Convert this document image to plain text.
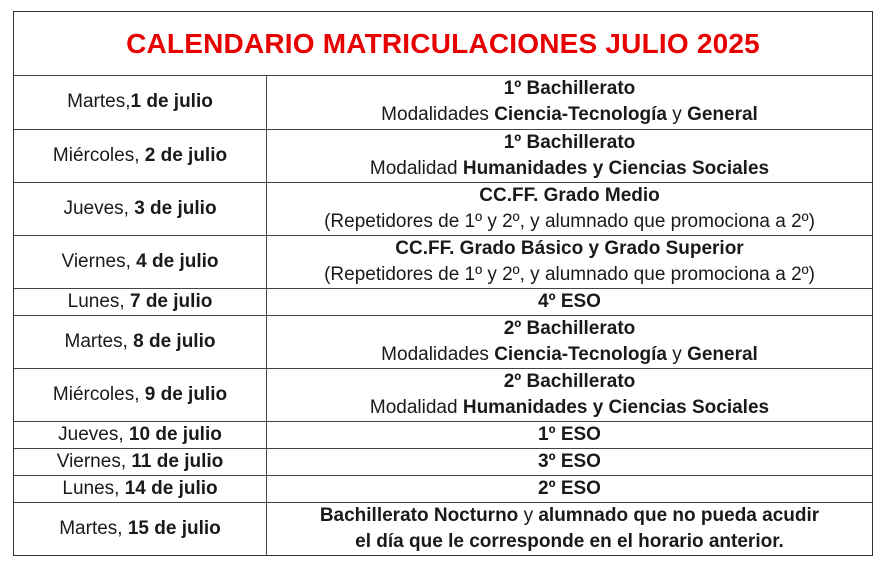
CALENDARIO MATRICULACIONES JULIO 2025
Martes,1 de julio	1º Bachillerato
Modalidades Ciencia-Tecnología y General

Miércoles, 2 de julio	1º Bachillerato
Modalidad Humanidades y Ciencias Sociales

Jueves, 3 de julio	CC.FF. Grado Medio
(Repetidores de 1º y 2º, y alumnado que promociona a 2º)

Viernes, 4 de julio	CC.FF. Grado Básico y Grado Superior
(Repetidores de 1º y 2º, y alumnado que promociona a 2º)

Lunes, 7 de julio	4º ESO

Martes, 8 de julio	2º Bachillerato
Modalidades Ciencia-Tecnología y General

Miércoles, 9 de julio	2º Bachillerato
Modalidad Humanidades y Ciencias Sociales

Jueves, 10 de julio	1º ESO

Viernes, 11 de julio	3º ESO

Lunes, 14 de julio	2º ESO

Martes, 15 de julio	Bachillerato Nocturno y alumnado que no pueda acudir
el día que le corresponde en el horario anterior.
